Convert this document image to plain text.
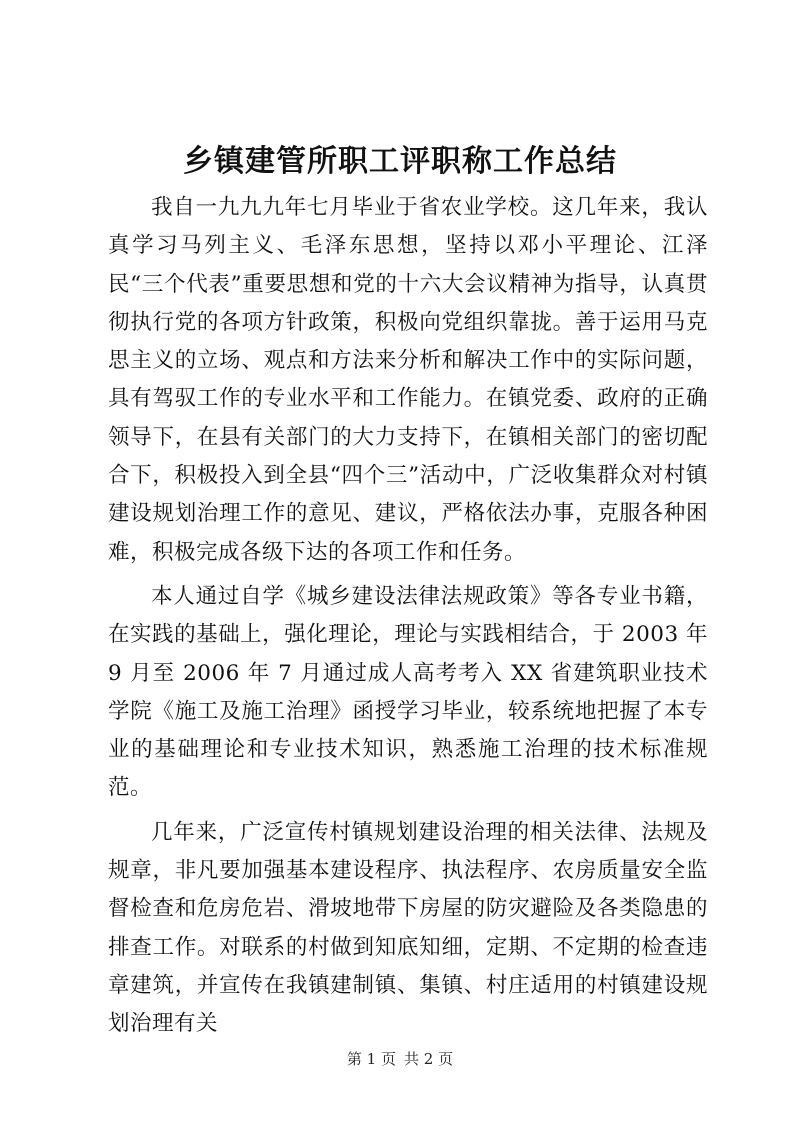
乡镇建管所职工评职称工作总结

我自一九九九年七月毕业于省农业学校。这几年来，我认真学习马列主义、毛泽东思想，坚持以邓小平理论、江泽民“三个代表”重要思想和党的十六大会议精神为指导，认真贯彻执行党的各项方针政策，积极向党组织靠拢。善于运用马克思主义的立场、观点和方法来分析和解决工作中的实际问题，具有驾驭工作的专业水平和工作能力。在镇党委、政府的正确领导下，在县有关部门的大力支持下，在镇相关部门的密切配合下，积极投入到全县“四个三”活动中，广泛收集群众对村镇建设规划治理工作的意见、建议，严格依法办事，克服各种困难，积极完成各级下达的各项工作和任务。

本人通过自学《城乡建设法律法规政策》等各专业书籍，在实践的基础上，强化理论，理论与实践相结合，于 2003 年 9 月至 2006 年 7 月通过成人高考考入 XX 省建筑职业技术学院《施工及施工治理》函授学习毕业，较系统地把握了本专业的基础理论和专业技术知识，熟悉施工治理的技术标准规范。

几年来，广泛宣传村镇规划建设治理的相关法律、法规及规章，非凡要加强基本建设程序、执法程序、农房质量安全监督检查和危房危岩、滑坡地带下房屋的防灾避险及各类隐患的排查工作。对联系的村做到知底知细，定期、不定期的检查违章建筑，并宣传在我镇建制镇、集镇、村庄适用的村镇建设规划治理有关

第 1 页 共 2 页
